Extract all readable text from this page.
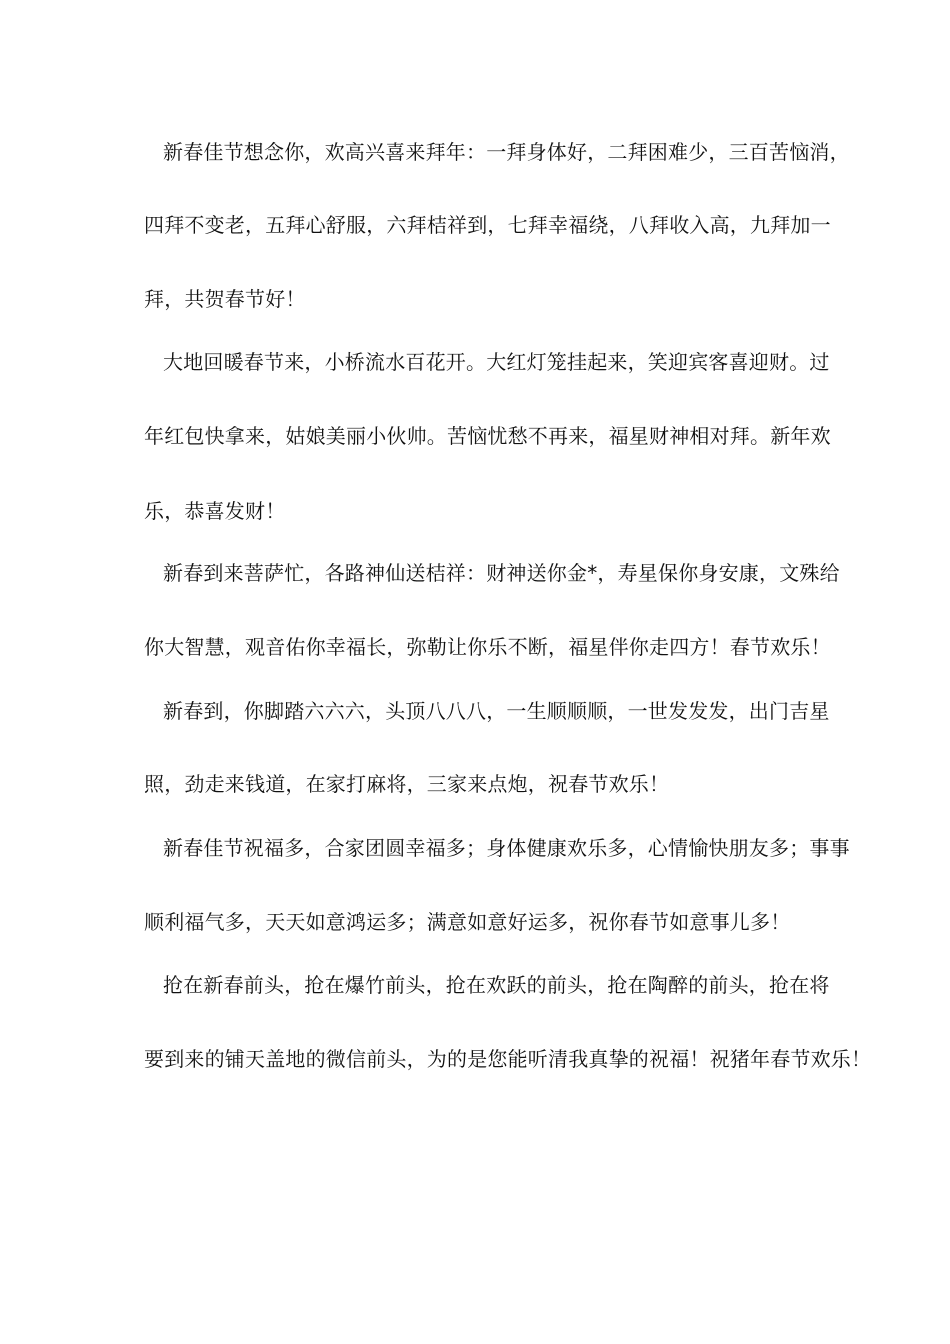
新春佳节想念你，欢高兴喜来拜年：一拜身体好，二拜困难少，三百苦恼消，
四拜不变老，五拜心舒服，六拜桔祥到，七拜幸福绕，八拜收入高，九拜加一
拜，共贺春节好！
大地回暖春节来，小桥流水百花开。大红灯笼挂起来，笑迎宾客喜迎财。过
年红包快拿来，姑娘美丽小伙帅。苦恼忧愁不再来，福星财神相对拜。新年欢
乐，恭喜发财！
新春到来菩萨忙，各路神仙送桔祥：财神送你金*，寿星保你身安康，文殊给
你大智慧，观音佑你幸福长，弥勒让你乐不断，福星伴你走四方！春节欢乐！
新春到，你脚踏六六六，头顶八八八，一生顺顺顺，一世发发发，出门吉星
照，劲走来钱道，在家打麻将，三家来点炮，祝春节欢乐！
新春佳节祝福多，合家团圆幸福多；身体健康欢乐多，心情愉快朋友多；事事
顺利福气多，天天如意鸿运多；满意如意好运多，祝你春节如意事儿多！
抢在新春前头，抢在爆竹前头，抢在欢跃的前头，抢在陶醉的前头，抢在将
要到来的铺天盖地的微信前头，为的是您能听清我真挚的祝福！祝猪年春节欢乐！
